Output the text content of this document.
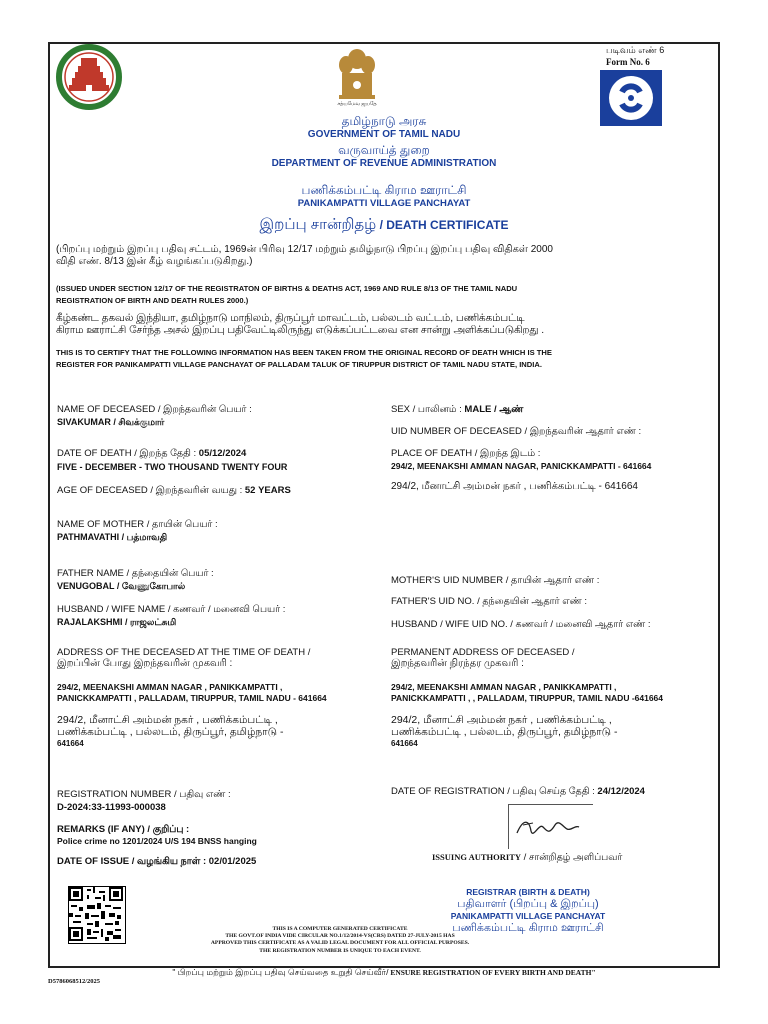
சத்யமேவ ஜயதே
படிவம் எண் 6
Form No. 6
தமிழ்நாடு அரசு
GOVERNMENT OF TAMIL NADU
வருவாய்த் துறை
DEPARTMENT OF REVENUE ADMINISTRATION
பணிக்கம்பட்டி கிராம ஊராட்சி
PANIKAMPATTI VILLAGE PANCHAYAT
இறப்பு சான்றிதழ் / DEATH CERTIFICATE
(பிறப்பு மற்றும் இறப்பு பதிவு சட்டம், 1969ன் பிரிவு 12/17 மற்றும் தமிழ்நாடு பிறப்பு இறப்பு பதிவு விதிகள் 2000
விதி எண். 8/13 இன் கீழ் வழங்கப்படுகிறது.)
(ISSUED UNDER SECTION 12/17 OF THE REGISTRATON OF BIRTHS & DEATHS ACT, 1969 AND RULE 8/13 OF THE TAMIL NADU
REGISTRATION OF BIRTH AND DEATH RULES 2000.)
கீழ்கண்ட தகவல் இந்தியா, தமிழ்நாடு மாநிலம், திருப்பூர் மாவட்டம், பல்லடம் வட்டம், பணிக்கம்பட்டி
கிராம ஊராட்சி சேர்ந்த அசல் இறப்பு பதிவேட்டிலிருந்து எடுக்கப்பட்டவை என சான்று அளிக்கப்படுகிறது .
THIS IS TO CERTIFY THAT THE FOLLOWING INFORMATION HAS BEEN TAKEN FROM THE ORIGINAL RECORD OF DEATH WHICH IS THE
REGISTER FOR PANIKAMPATTI VILLAGE PANCHAYAT OF PALLADAM TALUK OF TIRUPPUR DISTRICT OF TAMIL NADU STATE, INDIA.
NAME OF DECEASED / இறந்தவரின் பெயர் :
SIVAKUMAR / சிவக்குமார்
DATE OF DEATH / இறந்த தேதி : 05/12/2024
FIVE - DECEMBER - TWO THOUSAND TWENTY FOUR
AGE OF DECEASED / இறந்தவரின் வயது : 52 YEARS
NAME OF MOTHER / தாயின் பெயர் :
PATHMAVATHI / பத்மாவதி
FATHER NAME / தந்தையின் பெயர் :
VENUGOBAL / வேணுகோபால்
HUSBAND / WIFE NAME / கணவர் / மனைவி பெயர் :
RAJALAKSHMI / ராஜலட்சுமி
ADDRESS OF THE DECEASED AT THE TIME OF DEATH /
இறப்பின் போது இறந்தவரின் முகவரி :
294/2, MEENAKSHI AMMAN NAGAR , PANIKKAMPATTI ,
PANICKKAMPATTI , PALLADAM, TIRUPPUR, TAMIL NADU - 641664
294/2, மீனாட்சி அம்மன் நகர் , பணிக்கம்பட்டி ,
பணிக்கம்பட்டி , பல்லடம், திருப்பூர், தமிழ்நாடு -
641664
SEX / பாலினம் : MALE / ஆண்
UID NUMBER OF DECEASED / இறந்தவரின் ஆதார் எண் :
PLACE OF DEATH / இறந்த இடம் :
294/2, MEENAKSHI AMMAN NAGAR, PANICKKAMPATTI - 641664
294/2, மீனாட்சி அம்மன் நகர் , பணிக்கம்பட்டி - 641664
MOTHER'S UID NUMBER / தாயின் ஆதார் எண் :
FATHER'S UID NO. / தந்தையின் ஆதார் எண் :
HUSBAND / WIFE UID NO. / கணவர் / மனைவி ஆதார் எண் :
PERMANENT ADDRESS OF DECEASED /
இறந்தவரின் நிரந்தர முகவரி :
294/2, MEENAKSHI AMMAN NAGAR , PANIKKAMPATTI ,
PANICKKAMPATTI , , PALLADAM, TIRUPPUR, TAMIL NADU -641664
294/2, மீனாட்சி அம்மன் நகர் , பணிக்கம்பட்டி ,
பணிக்கம்பட்டி , பல்லடம், திருப்பூர், தமிழ்நாடு -
641664
REGISTRATION NUMBER / பதிவு எண் :
D-2024:33-11993-000038
DATE OF REGISTRATION / பதிவு செய்த தேதி : 24/12/2024
REMARKS (IF ANY) / குறிப்பு :
Police crime no 1201/2024 U/S 194 BNSS hanging
DATE OF ISSUE / வழங்கிய நாள் : 02/01/2025	ISSUING AUTHORITY / சான்றிதழ் அளிப்பவர்
REGISTRAR (BIRTH & DEATH)
பதிவாளர் (பிறப்பு & இறப்பு)
PANIKAMPATTI VILLAGE PANCHAYAT
பணிக்கம்பட்டி கிராம ஊராட்சி
THIS IS A COMPUTER GENERATED CERTIFICATE
THE GOVT.OF INDIA VIDE CIRCULAR NO.1/12/2014-VS(CRS) DATED 27-JULY-2015 HAS
APPROVED THIS CERTIFICATE AS A VALID LEGAL DOCUMENT FOR ALL OFFICIAL PURPOSES.
THE REGISTRATION NUMBER IS UNIQUE TO EACH EVENT.
" பிறப்பு மற்றும் இறப்பு பதிவு செய்வதை உறுதி செய்வீர்/ ENSURE REGISTRATION OF EVERY BIRTH AND DEATH"
D5786068512/2025
